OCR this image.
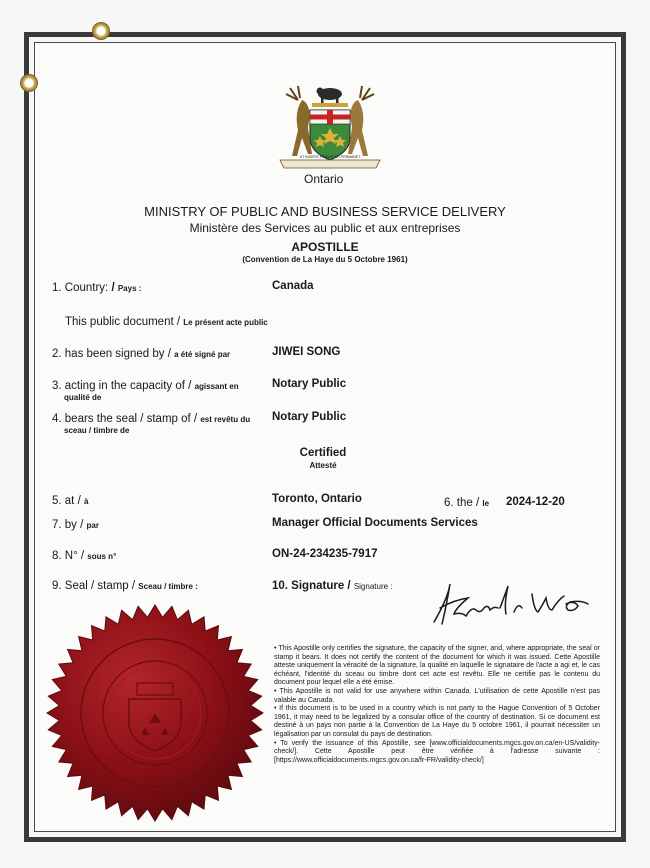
UT INCEPIT FIDELIS SIC PERMANET
Ontario
MINISTRY OF PUBLIC AND BUSINESS SERVICE DELIVERY
Ministère des Services au public et aux entreprises
APOSTILLE
(Convention de La Haye du 5 Octobre 1961)
1. Country: / Pays :	Canada
This public document / Le présent acte public
2. has been signed by / a été signé par	JIWEI SONG
3. acting in the capacity of / agissant en
qualité de
Notary Public
4. bears the seal / stamp of / est revêtu du
sceau / timbre de
Notary Public
Certified
Attesté
5. at / à	Toronto, Ontario	6. the / le 2024-12-20
7. by / par	Manager Official Documents Services
8. N° / sous n°	ON-24-234235-7917
9. Seal / stamp / Sceau / timbre :	10. Signature / Signature :

• This Apostille only certifies the signature, the capacity of the signer, and, where appropriate, the seal or stamp it bears. It does not certify the content of the document for which it was issued. Cette Apostille atteste uniquement la véracité de la signature, la qualité en laquelle le signataire de l'acte a agi et, le cas échéant, l'identité du sceau ou timbre dont cet acte est revêtu. Elle ne certifie pas le contenu du document pour lequel elle a été émise.

• This Apostille is not valid for use anywhere within Canada. L'utilisation de cette Apostille n'est pas valable au Canada.

• If this document is to be used in a country which is not party to the Hague Convention of 5 October 1961, it may need to be legalized by a consular office of the country of destination. Si ce document est destiné à un pays non partie à la Convention de La Haye du 5 octobre 1961, il pourrait nécessiter un légalisation par un consulat du pays de destination.

• To verify the issuance of this Apostille, see [www.officialdocuments.mgcs.gov.on.ca/en-US/validity-check/]. Cette Apostille peut être vérifiée à l'adresse suivante : [https://www.officialdocuments.mgcs.gov.on.ca/fr-FR/validity-check/]
